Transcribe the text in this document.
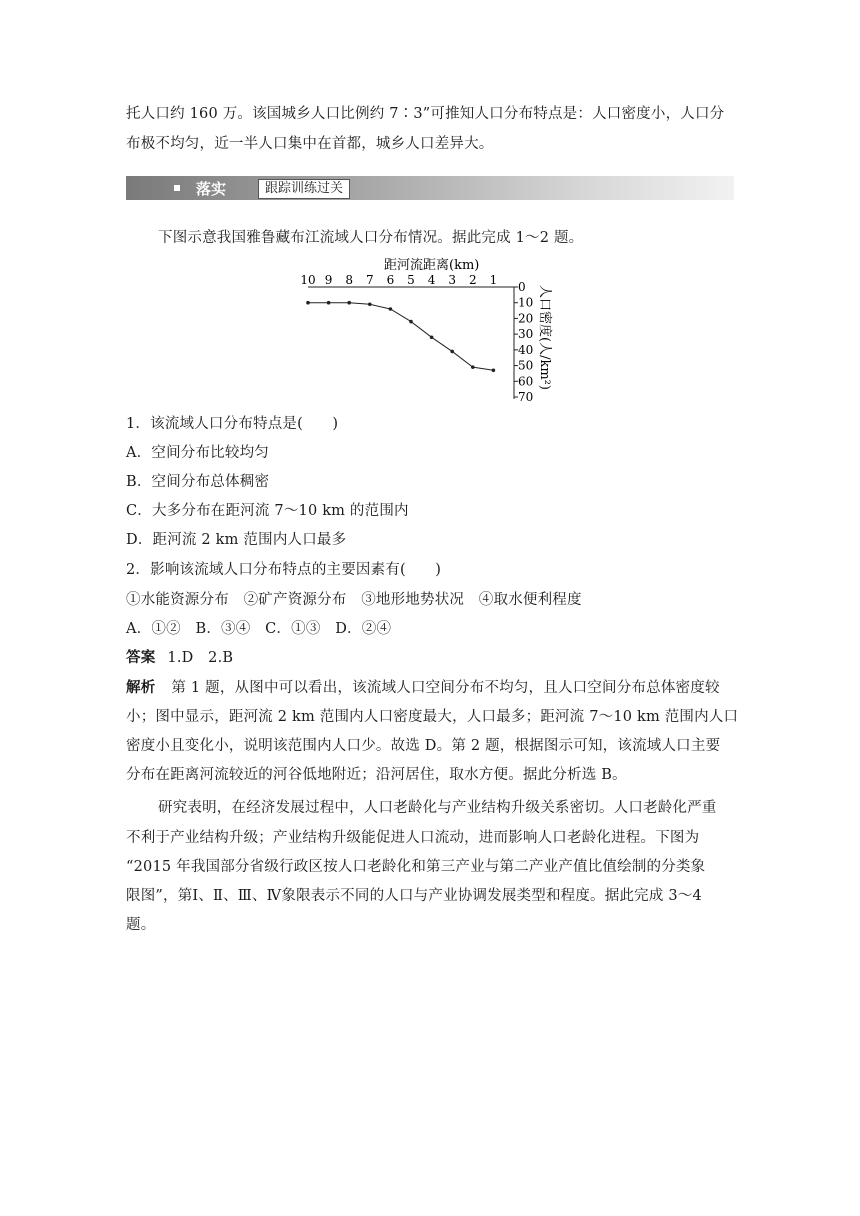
托人口约 160 万。该国城乡人口比例约 7∶3”可推知人口分布特点是：人口密度小，人口分
布极不均匀，近一半人口集中在首都，城乡人口差异大。
落实	跟踪训练过关
下图示意我国雅鲁藏布江流域人口分布情况。据此完成 1～2 题。
距河流距离(km)
10 9 8 7 6 5 4 3 2 1 0
10
20
30
40
50
60
70
人口密度(人/km²)
1．该流域人口分布特点是(　　)
A．空间分布比较均匀
B．空间分布总体稠密
C．大多分布在距河流 7～10 km 的范围内
D．距河流 2 km 范围内人口最多
2．影响该流域人口分布特点的主要因素有(　　)
①水能资源分布　②矿产资源分布　③地形地势状况　④取水便利程度
A．①②　B．③④　C．①③　D．②④
答案 1.D　2.B
解析 第 1 题，从图中可以看出，该流域人口空间分布不均匀，且人口空间分布总体密度较
小；图中显示，距河流 2 km 范围内人口密度最大，人口最多；距河流 7～10 km 范围内人口
密度小且变化小，说明该范围内人口少。故选 D。第 2 题，根据图示可知，该流域人口主要
分布在距离河流较近的河谷低地附近；沿河居住，取水方便。据此分析选 B。
研究表明，在经济发展过程中，人口老龄化与产业结构升级关系密切。人口老龄化严重
不利于产业结构升级；产业结构升级能促进人口流动，进而影响人口老龄化进程。下图为
“2015 年我国部分省级行政区按人口老龄化和第三产业与第二产业产值比值绘制的分类象
限图”，第Ⅰ、Ⅱ、Ⅲ、Ⅳ象限表示不同的人口与产业协调发展类型和程度。据此完成 3～4
题。
